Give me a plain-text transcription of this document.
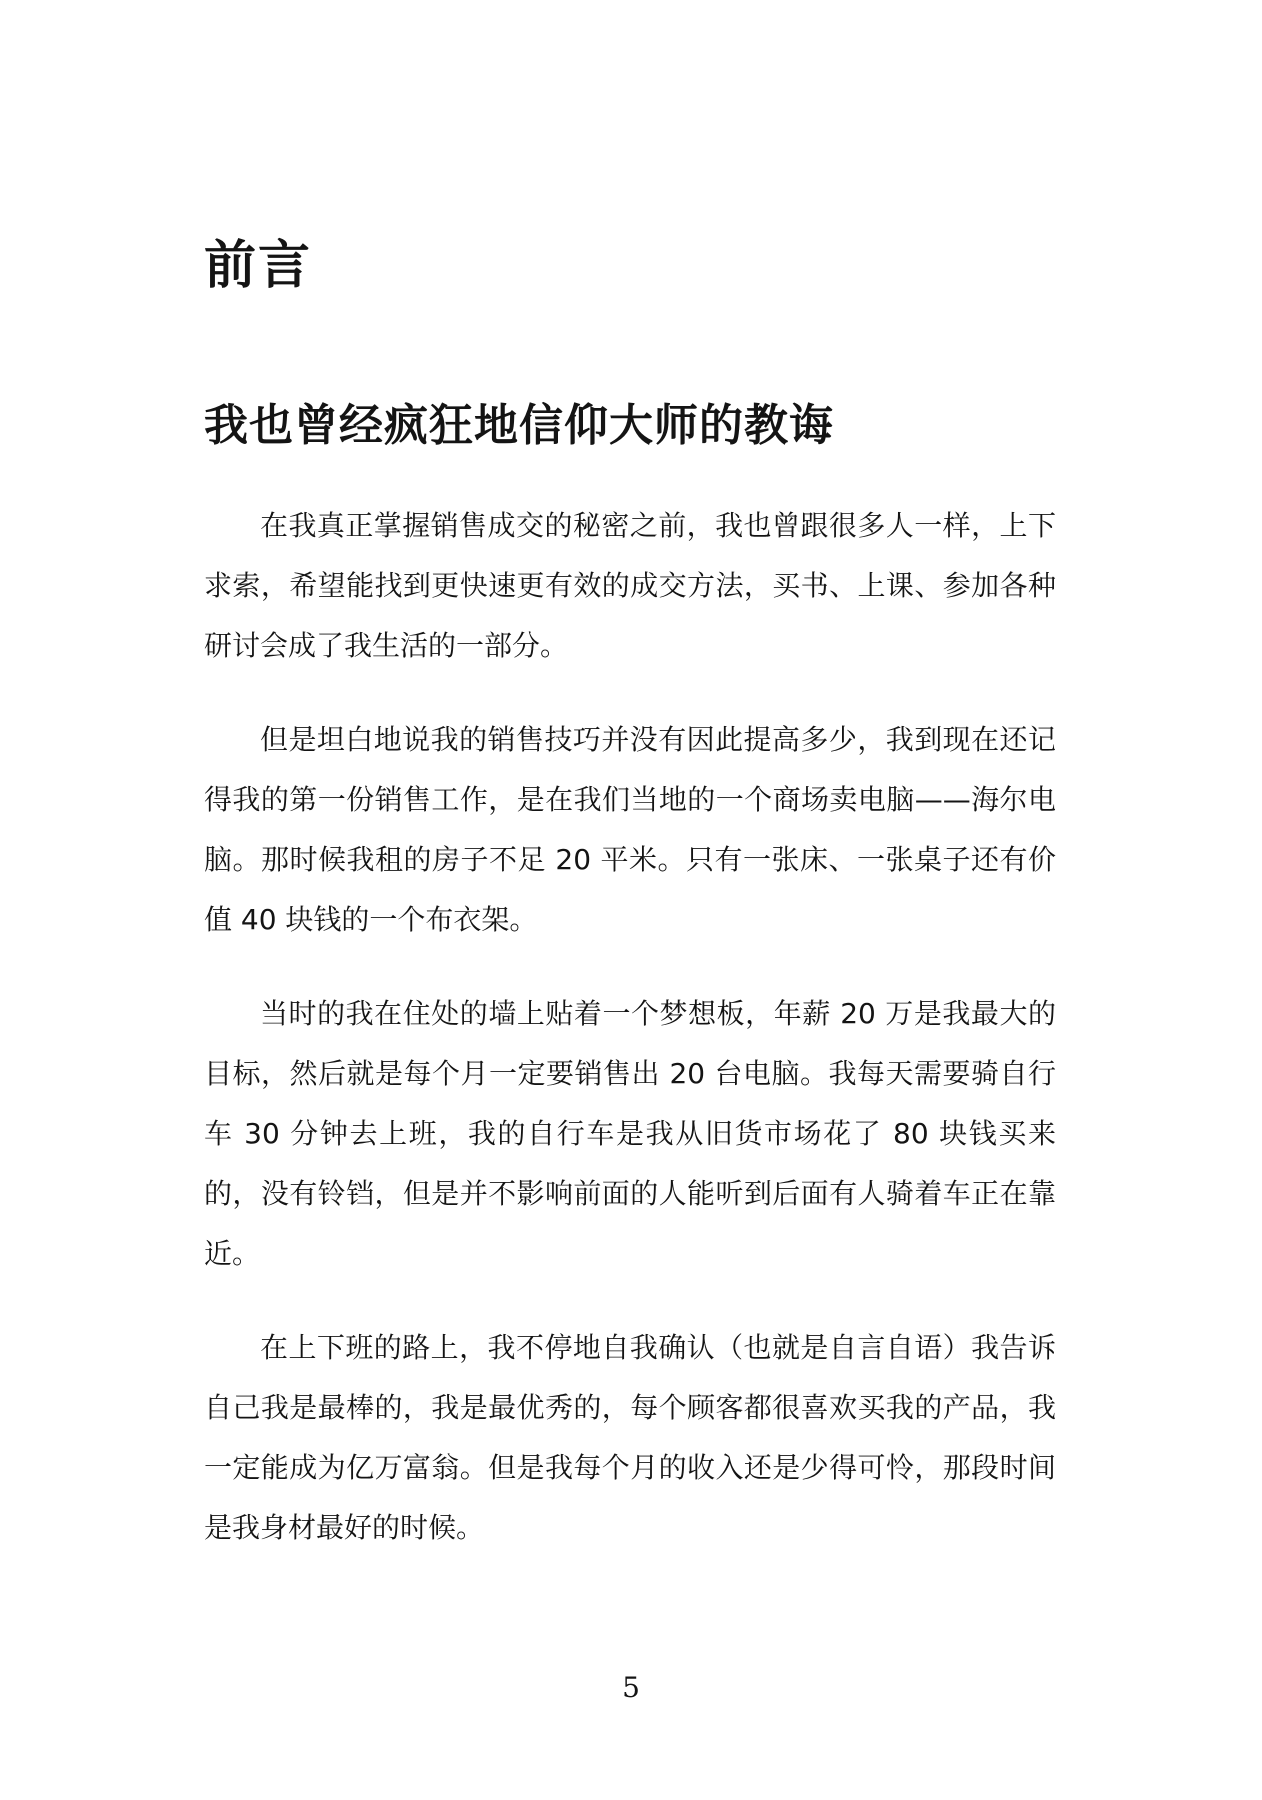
前言
我也曾经疯狂地信仰大师的教诲

在我真正掌握销售成交的秘密之前，我也曾跟很多人一样，上下求索，希望能找到更快速更有效的成交方法，买书、上课、参加各种研讨会成了我生活的一部分。

但是坦白地说我的销售技巧并没有因此提高多少，我到现在还记得我的第一份销售工作，是在我们当地的一个商场卖电脑——海尔电脑。那时候我租的房子不足 20 平米。只有一张床、一张桌子还有价值 40 块钱的一个布衣架。

当时的我在住处的墙上贴着一个梦想板，年薪 20 万是我最大的目标，然后就是每个月一定要销售出 20 台电脑。我每天需要骑自行车 30 分钟去上班，我的自行车是我从旧货市场花了 80 块钱买来的，没有铃铛，但是并不影响前面的人能听到后面有人骑着车正在靠近。

在上下班的路上，我不停地自我确认（也就是自言自语）我告诉自己我是最棒的，我是最优秀的，每个顾客都很喜欢买我的产品，我一定能成为亿万富翁。但是我每个月的收入还是少得可怜，那段时间是我身材最好的时候。

5
